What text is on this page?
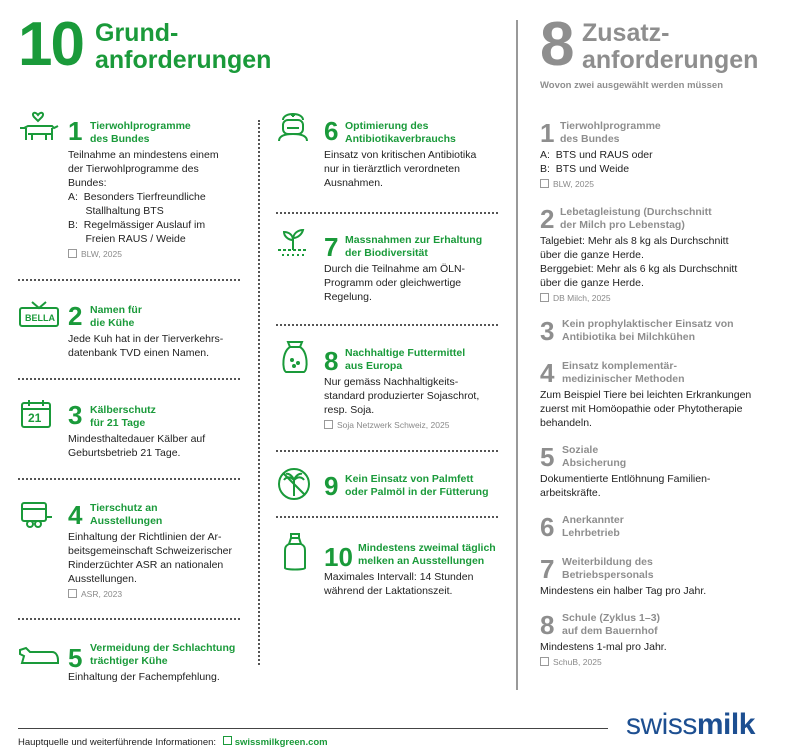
10 Grund-
anforderungen	8 Zusatz-
anforderungen
Wovon zwei ausgewählt werden müssen
1 Tierwohlprogramme
des Bundes
Teilnahme an mindestens einem
der Tierwohlprogramme des
Bundes:
A:  Besonders Tierfreundliche
Stallhaltung BTS
B:  Regelmässiger Auslauf im
Freien RAUS / Weide
BLW, 2025
BELLA 2 Namen für
die Kühe
Jede Kuh hat in der Tierverkehrs-
datenbank TVD einen Namen.
21 3 Kälberschutz
für 21 Tage
Mindesthaltedauer Kälber auf
Geburtsbetrieb 21 Tage.
4 Tierschutz an
Ausstellungen
Einhaltung der Richtlinien der Ar-
beitsgemeinschaft Schweizerischer
Rinderzüchter ASR an nationalen
Ausstellungen.
ASR, 2023
5 Vermeidung der Schlachtung
trächtiger Kühe
Einhaltung der Fachempfehlung.
6 Optimierung des
Antibiotikaverbrauchs
Einsatz von kritischen Antibiotika
nur in tierärztlich verordneten
Ausnahmen.
7 Massnahmen zur Erhaltung
der Biodiversität
Durch die Teilnahme am ÖLN-
Programm oder gleichwertige
Regelung.
8 Nachhaltige Futtermittel
aus Europa
Nur gemäss Nachhaltigkeits-
standard produzierter Sojaschrot,
resp. Soja.
Soja Netzwerk Schweiz, 2025
9 Kein Einsatz von Palmfett
oder Palmöl in der Fütterung
10 Mindestens zweimal täglich
melken an Ausstellungen
Maximales Intervall: 14 Stunden
während der Laktationszeit.
1 Tierwohlprogramme
des Bundes
A:  BTS und RAUS oder
B:  BTS und Weide
BLW, 2025
2 Lebetagleistung (Durchschnitt
der Milch pro Lebenstag)
Talgebiet: Mehr als 8 kg als Durchschnitt
über die ganze Herde.
Berggebiet: Mehr als 6 kg als Durchschnitt
über die ganze Herde.
DB Milch, 2025
3 Kein prophylaktischer Einsatz von
Antibiotika bei Milchkühen
4 Einsatz komplementär-
medizinischer Methoden
Zum Beispiel Tiere bei leichten Erkrankungen
zuerst mit Homöopathie oder Phytotherapie
behandeln.
5 Soziale
Absicherung
Dokumentierte Entlöhnung Familien-
arbeitskräfte.
6 Anerkannter
Lehrbetrieb
7 Weiterbildung des
Betriebspersonals
Mindestens ein halber Tag pro Jahr.
8 Schule (Zyklus 1–3)
auf dem Bauernhof
Mindestens 1-mal pro Jahr.
SchuB, 2025
Hauptquelle und weiterführende Informationen: swissmilkgreen.com
swissmilk
